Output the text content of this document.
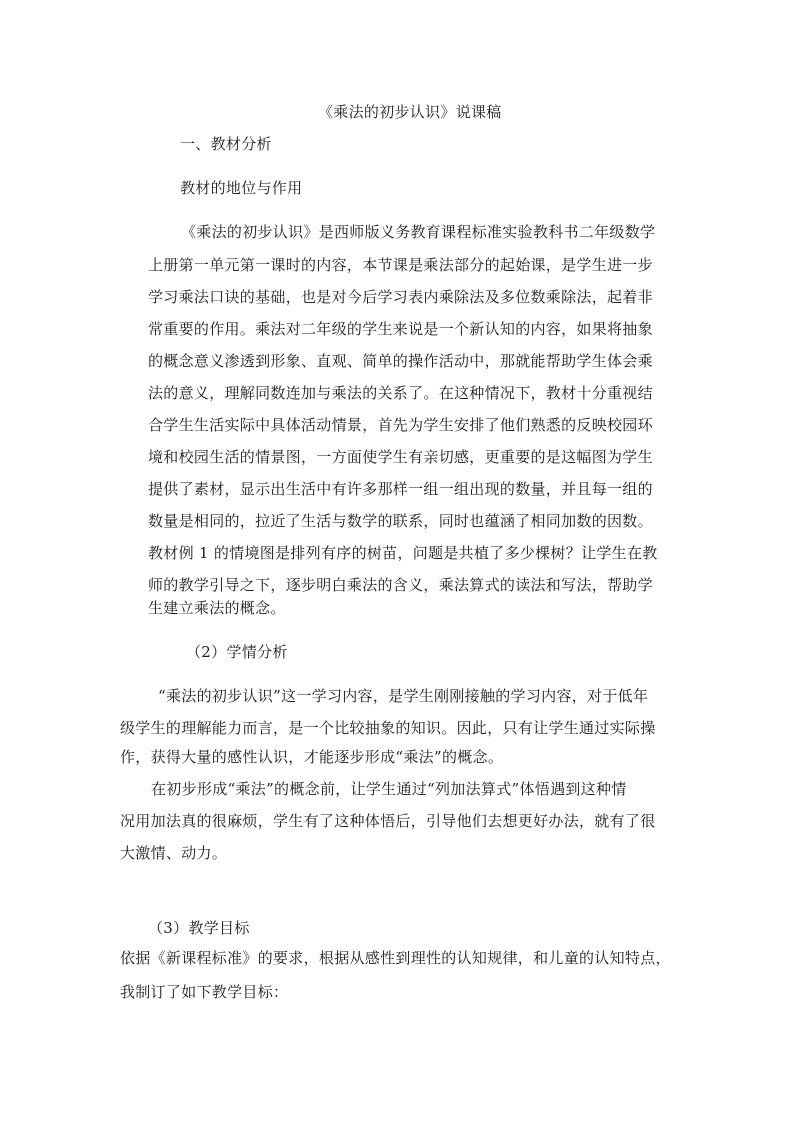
《乘法的初步认识》说课稿
一、教材分析
教材的地位与作用
《乘法的初步认识》是西师版义务教育课程标准实验教科书二年级数学
上册第一单元第一课时的内容，本节课是乘法部分的起始课，是学生进一步
学习乘法口诀的基础，也是对今后学习表内乘除法及多位数乘除法，起着非
常重要的作用。乘法对二年级的学生来说是一个新认知的内容，如果将抽象
的概念意义渗透到形象、直观、简单的操作活动中，那就能帮助学生体会乘
法的意义，理解同数连加与乘法的关系了。在这种情况下，教材十分重视结
合学生生活实际中具体活动情景，首先为学生安排了他们熟悉的反映校园环
境和校园生活的情景图，一方面使学生有亲切感，更重要的是这幅图为学生
提供了素材，显示出生活中有许多那样一组一组出现的数量，并且每一组的
数量是相同的，拉近了生活与数学的联系，同时也蕴涵了相同加数的因数。
教材例 1 的情境图是排列有序的树苗，问题是共植了多少棵树？让学生在教
师的教学引导之下，逐步明白乘法的含义，乘法算式的读法和写法，帮助学
生建立乘法的概念。
（2）学情分析
“乘法的初步认识”这一学习内容，是学生刚刚接触的学习内容，对于低年
级学生的理解能力而言，是一个比较抽象的知识。因此，只有让学生通过实际操
作，获得大量的感性认识，才能逐步形成“乘法”的概念。
在初步形成“乘法”的概念前，让学生通过“列加法算式”体悟遇到这种情
况用加法真的很麻烦，学生有了这种体悟后，引导他们去想更好办法，就有了很
大激情、动力。
（3）教学目标
依据《新课程标准》的要求，根据从感性到理性的认知规律，和儿童的认知特点，
我制订了如下教学目标：
